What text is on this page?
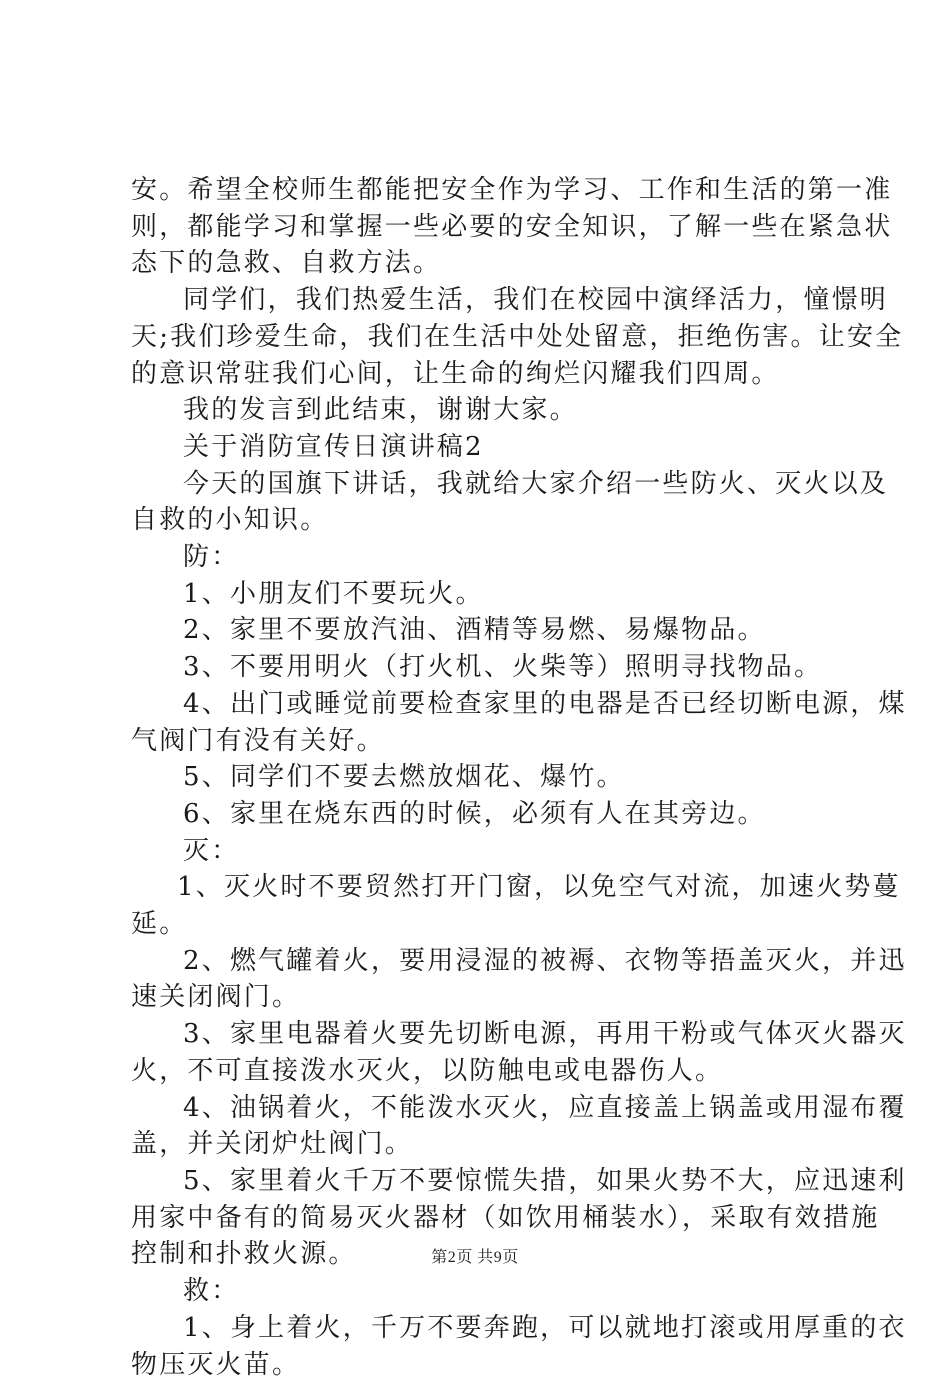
安。希望全校师生都能把安全作为学习、工作和生活的第一准
则，都能学习和掌握一些必要的安全知识，了解一些在紧急状
态下的急救、自救方法。
同学们，我们热爱生活，我们在校园中演绎活力，憧憬明
天;我们珍爱生命，我们在生活中处处留意，拒绝伤害。让安全
的意识常驻我们心间，让生命的绚烂闪耀我们四周。
我的发言到此结束，谢谢大家。
关于消防宣传日演讲稿2
今天的国旗下讲话，我就给大家介绍一些防火、灭火以及
自救的小知识。
防：
1、小朋友们不要玩火。
2、家里不要放汽油、酒精等易燃、易爆物品。
3、不要用明火（打火机、火柴等）照明寻找物品。
4、出门或睡觉前要检查家里的电器是否已经切断电源，煤
气阀门有没有关好。
5、同学们不要去燃放烟花、爆竹。
6、家里在烧东西的时候，必须有人在其旁边。
灭：
1、灭火时不要贸然打开门窗，以免空气对流，加速火势蔓
延。
2、燃气罐着火，要用浸湿的被褥、衣物等捂盖灭火，并迅
速关闭阀门。
3、家里电器着火要先切断电源，再用干粉或气体灭火器灭
火，不可直接泼水灭火，以防触电或电器伤人。
4、油锅着火，不能泼水灭火，应直接盖上锅盖或用湿布覆
盖，并关闭炉灶阀门。
5、家里着火千万不要惊慌失措，如果火势不大，应迅速利
用家中备有的简易灭火器材（如饮用桶装水），采取有效措施
控制和扑救火源。
救：
1、身上着火，千万不要奔跑，可以就地打滚或用厚重的衣
物压灭火苗。
第2页 共9页
